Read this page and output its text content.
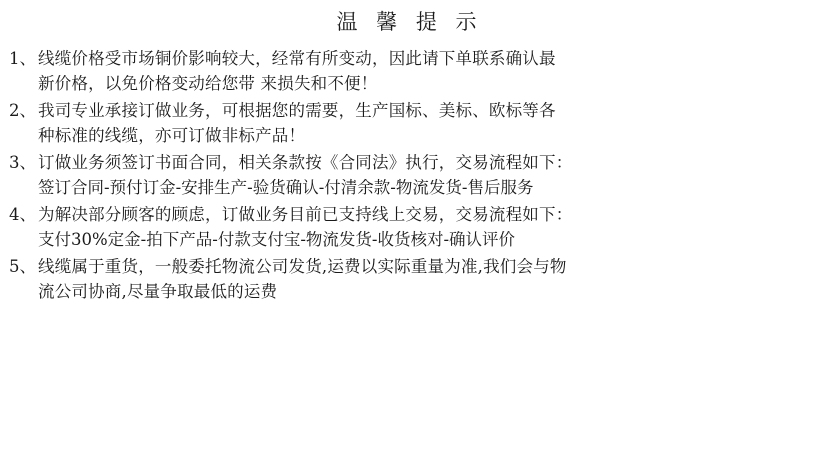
温 馨 提 示
1、 线缆价格受市场铜价影响较大，经常有所变动，因此请下单联系确认最
新价格，以免价格变动给您带 来损失和不便！
2、 我司专业承接订做业务，可根据您的需要，生产国标、美标、欧标等各
种标准的线缆，亦可订做非标产品！
3、 订做业务须签订书面合同，相关条款按《合同法》执行，交易流程如下：
签订合同-预付订金-安排生产-验货确认-付清余款-物流发货-售后服务
4、 为解决部分顾客的顾虑，订做业务目前已支持线上交易，交易流程如下：
支付30%定金-拍下产品-付款支付宝-物流发货-收货核对-确认评价
5、 线缆属于重货，一般委托物流公司发货,运费以实际重量为准,我们会与物
流公司协商,尽量争取最低的运费
